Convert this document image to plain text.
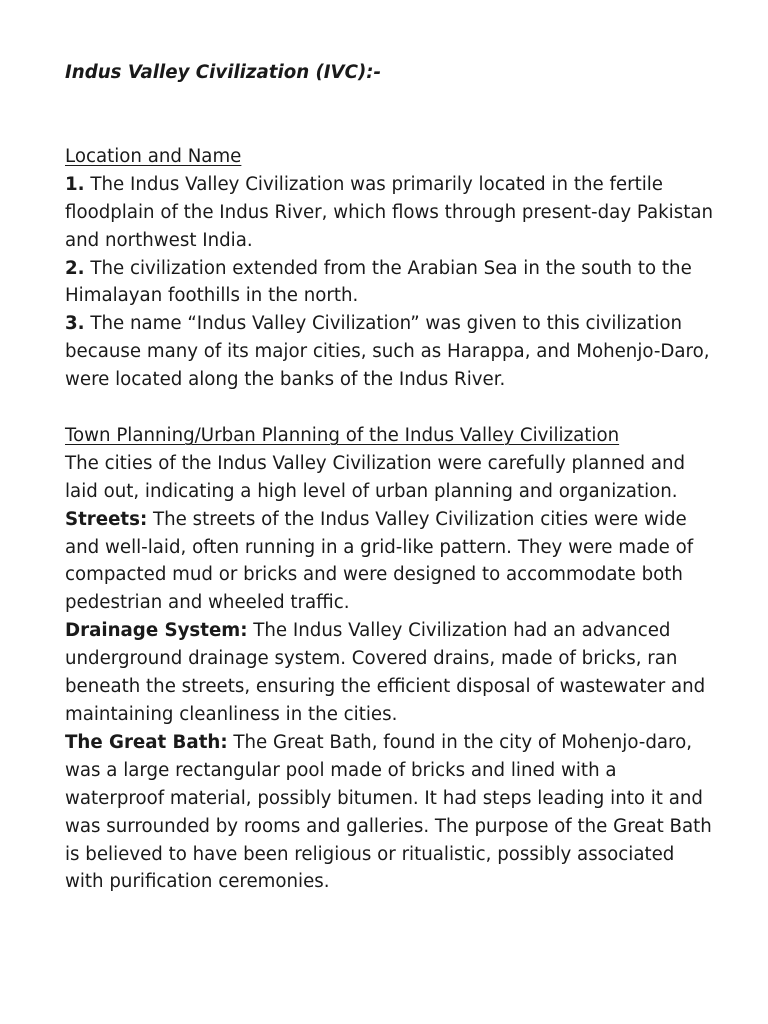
Indus Valley Civilization (IVC):-

Location and Name

1. The Indus Valley Civilization was primarily located in the fertile floodplain of the Indus River, which flows through present-day Pakistan and northwest India.

2. The civilization extended from the Arabian Sea in the south to the Himalayan foothills in the north.

3. The name “Indus Valley Civilization” was given to this civilization because many of its major cities, such as Harappa, and Mohenjo-Daro, were located along the banks of the Indus River.

Town Planning/Urban Planning of the Indus Valley Civilization

The cities of the Indus Valley Civilization were carefully planned and laid out, indicating a high level of urban planning and organization.

Streets: The streets of the Indus Valley Civilization cities were wide and well-laid, often running in a grid-like pattern. They were made of compacted mud or bricks and were designed to accommodate both pedestrian and wheeled traffic.

Drainage System: The Indus Valley Civilization had an advanced underground drainage system. Covered drains, made of bricks, ran beneath the streets, ensuring the efficient disposal of wastewater and maintaining cleanliness in the cities.

The Great Bath: The Great Bath, found in the city of Mohenjo-daro, was a large rectangular pool made of bricks and lined with a waterproof material, possibly bitumen. It had steps leading into it and was surrounded by rooms and galleries. The purpose of the Great Bath is believed to have been religious or ritualistic, possibly associated with purification ceremonies.
